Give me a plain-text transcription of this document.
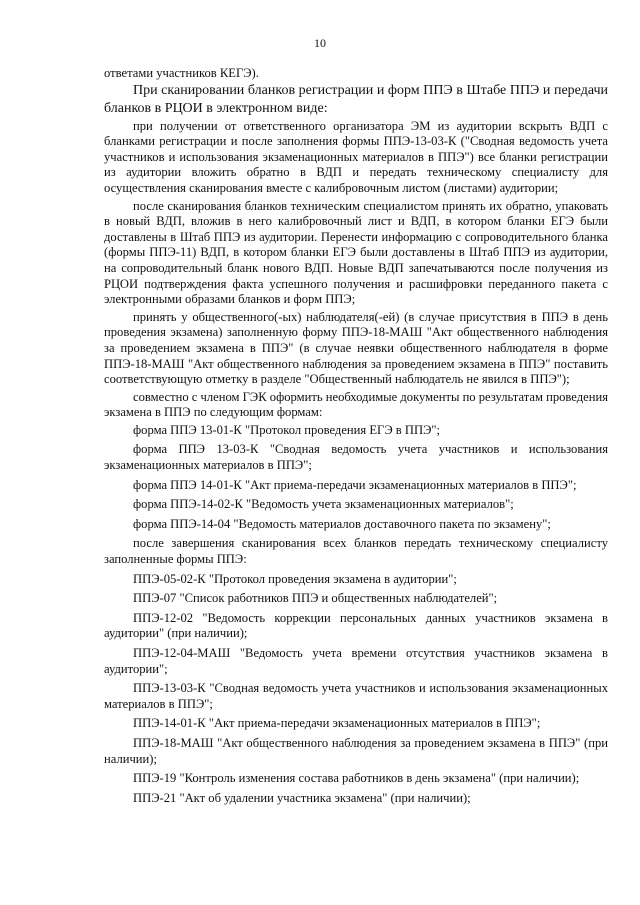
10

ответами участников КЕГЭ).

При сканировании бланков регистрации и форм ППЭ в Штабе ППЭ и передачи бланков в РЦОИ в электронном виде:

при получении от ответственного организатора ЭМ из аудитории вскрыть ВДП с бланками регистрации и после заполнения формы ППЭ-13-03-К ("Сводная ведомость учета участников и использования экзаменационных материалов в ППЭ") все бланки регистрации из аудитории вложить обратно в ВДП и передать техническому специалисту для осуществления сканирования вместе с калибровочным листом (листами) аудитории;

после сканирования бланков техническим специалистом принять их обратно, упаковать в новый ВДП, вложив в него калибровочный лист и ВДП, в котором бланки ЕГЭ были доставлены в Штаб ППЭ из аудитории. Перенести информацию с сопроводительного бланка (формы ППЭ-11) ВДП, в котором бланки ЕГЭ были доставлены в Штаб ППЭ из аудитории, на сопроводительный бланк нового ВДП. Новые ВДП запечатываются после получения из РЦОИ подтверждения факта успешного получения и расшифровки переданного пакета с электронными образами бланков и форм ППЭ;

принять у общественного(-ых) наблюдателя(-ей) (в случае присутствия в ППЭ в день проведения экзамена) заполненную форму ППЭ-18-МАШ "Акт общественного наблюдения за проведением экзамена в ППЭ" (в случае неявки общественного наблюдателя в форме ППЭ-18-МАШ "Акт общественного наблюдения за проведением экзамена в ППЭ" поставить соответствующую отметку в разделе "Общественный наблюдатель не явился в ППЭ");

совместно с членом ГЭК оформить необходимые документы по результатам проведения экзамена в ППЭ по следующим формам:

форма ППЭ 13-01-К "Протокол проведения ЕГЭ в ППЭ";

форма ППЭ 13-03-К "Сводная ведомость учета участников и использования экзаменационных материалов в ППЭ";

форма ППЭ 14-01-К "Акт приема-передачи экзаменационных материалов в ППЭ";

форма ППЭ-14-02-К "Ведомость учета экзаменационных материалов";

форма ППЭ-14-04 "Ведомость материалов доставочного пакета по экзамену";

после завершения сканирования всех бланков передать техническому специалисту заполненные формы ППЭ:

ППЭ-05-02-К "Протокол проведения экзамена в аудитории";

ППЭ-07 "Список работников ППЭ и общественных наблюдателей";

ППЭ-12-02 "Ведомость коррекции персональных данных участников экзамена в аудитории" (при наличии);

ППЭ-12-04-МАШ "Ведомость учета времени отсутствия участников экзамена в аудитории";

ППЭ-13-03-К "Сводная ведомость учета участников и использования экзаменационных материалов в ППЭ";

ППЭ-14-01-К "Акт приема-передачи экзаменационных материалов в ППЭ";

ППЭ-18-МАШ "Акт общественного наблюдения за проведением экзамена в ППЭ" (при наличии);

ППЭ-19 "Контроль изменения состава работников в день экзамена" (при наличии);

ППЭ-21 "Акт об удалении участника экзамена" (при наличии);
